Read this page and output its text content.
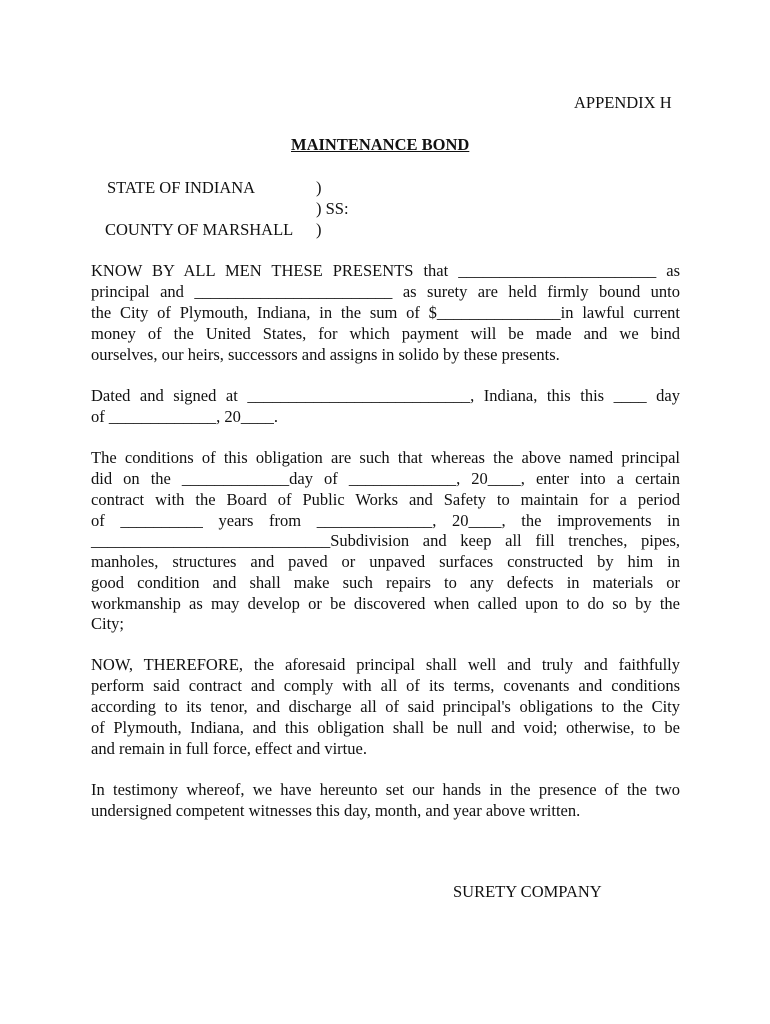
APPENDIX H
MAINTENANCE BOND
STATE OF INDIANA	)
) SS:
COUNTY OF MARSHALL )
KNOW BY ALL MEN THESE PRESENTS that ________________________ as
principal and ________________________ as surety are held firmly bound unto
the City of Plymouth, Indiana, in the sum of $_______________in lawful current
money of the United States, for which payment will be made and we bind
ourselves, our heirs, successors and assigns in solido by these presents.
Dated and signed at ___________________________, Indiana, this this ____ day
of _____________, 20____.
The conditions of this obligation are such that whereas the above named principal
did on the _____________day of _____________, 20____, enter into a certain
contract with the Board of Public Works and Safety to maintain for a period
of __________ years from ______________, 20____, the improvements in
_____________________________Subdivision and keep all fill trenches, pipes,
manholes, structures and paved or unpaved surfaces constructed by him in
good condition and shall make such repairs to any defects in materials or
workmanship as may develop or be discovered when called upon to do so by the
City;
NOW, THEREFORE, the aforesaid principal shall well and truly and faithfully
perform said contract and comply with all of its terms, covenants and conditions
according to its tenor, and discharge all of said principal's obligations to the City
of Plymouth, Indiana, and this obligation shall be null and void; otherwise, to be
and remain in full force, effect and virtue.
In testimony whereof, we have hereunto set our hands in the presence of the two
undersigned competent witnesses this day, month, and year above written.
SURETY COMPANY
